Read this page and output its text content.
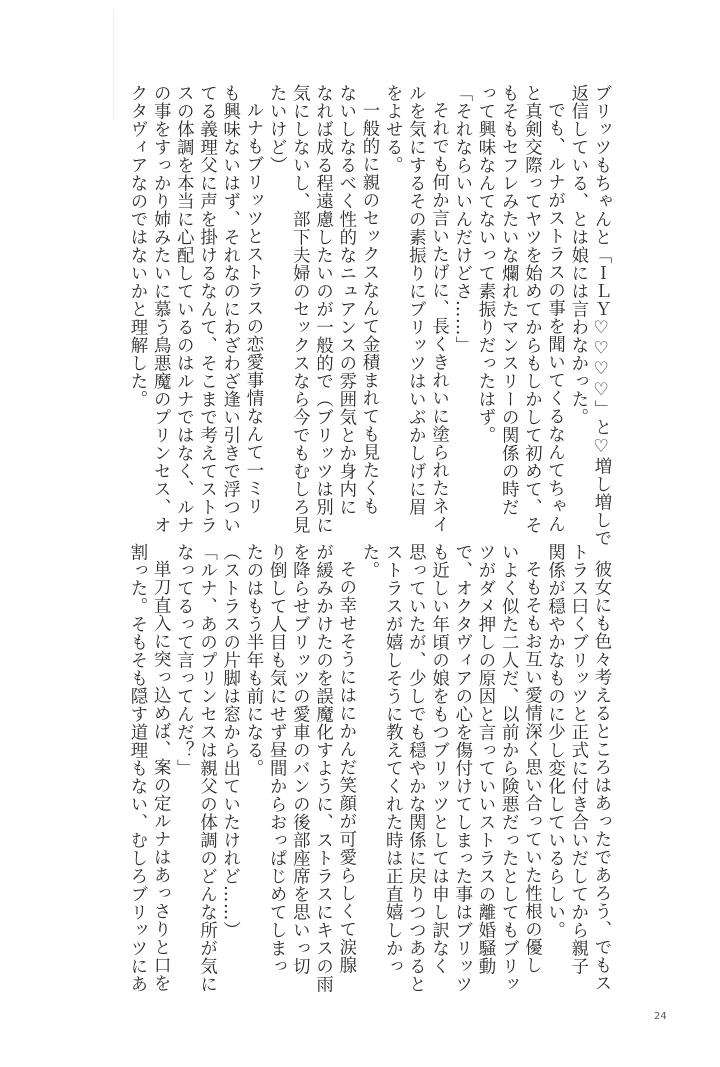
ブリッツもちゃんと「ＩＬＹ♡♡♡♡」と♡増し増しで

返信している、とは娘には言わなかった。

でも、ルナがストラスの事を聞いてくるなんてちゃん

と真剣交際ってヤツを始めてからもしかして初めて、そ

もそもセフレみたいな爛れたマンスリーの関係の時だ

って興味なんてないって素振りだったはず。

「それならいいんだけどさ……」

それでも何か言いたげに、長くきれいに塗られたネイ

ルを気にするその素振りにブリッツはいぶかしげに眉

をよせる。

一般的に親のセックスなんて金積まれても見たくも

ないしなるべく性的なニュアンスの雰囲気とか身内に

なれば成る程遠慮したいのが一般的で（ブリッツは別に

気にしないし、部下夫婦のセックスなら今でもむしろ見

たいけど）

ルナもブリッツとストラスの恋愛事情なんて一ミリ

も興味ないはず、それなのにわざわざ逢い引きで浮つい

てる義理父に声を掛けるなんて、そこまで考えてストラ

スの体調を本当に心配しているのはルナではなく、ルナ

の事をすっかり姉みたいに慕う鳥悪魔のプリンセス、オ

クタヴィアなのではないかと理解した。

彼女にも色々考えるところはあったであろう、でもス

トラス曰くブリッツと正式に付き合いだしてから親子

関係が穏やかなものに少し変化しているらしい。

そもそもお互い愛情深く思い合っていた性根の優し

いよく似た二人だ、以前から険悪だったとしてもブリッ

ツがダメ押しの原因と言っていいストラスの離婚騒動

で、オクタヴィアの心を傷付けてしまった事はブリッツ

も近しい年頃の娘をもつブリッツとしては申し訳なく

思っていたが、少しでも穏やかな関係に戻りつつあると

ストラスが嬉しそうに教えてくれた時は正直嬉しかっ

た。

その幸せそうにはにかんだ笑顔が可愛らしくて涙腺

が緩みかけたのを誤魔化すように、ストラスにキスの雨

を降らせブリッツの愛車のバンの後部座席を思いっ切

り倒して人目も気にせず昼間からおっぱじめてしまっ

たのはもう半年も前になる。

（ストラスの片脚は窓から出ていたけれど……）

「ルナ、あのプリンセスは親父の体調のどんな所が気に

なってるって言ってんだ？」

単刀直入に突っ込めば、案の定ルナはあっさりと口を

割った。そもそも隠す道理もない、むしろブリッツにあ

24
